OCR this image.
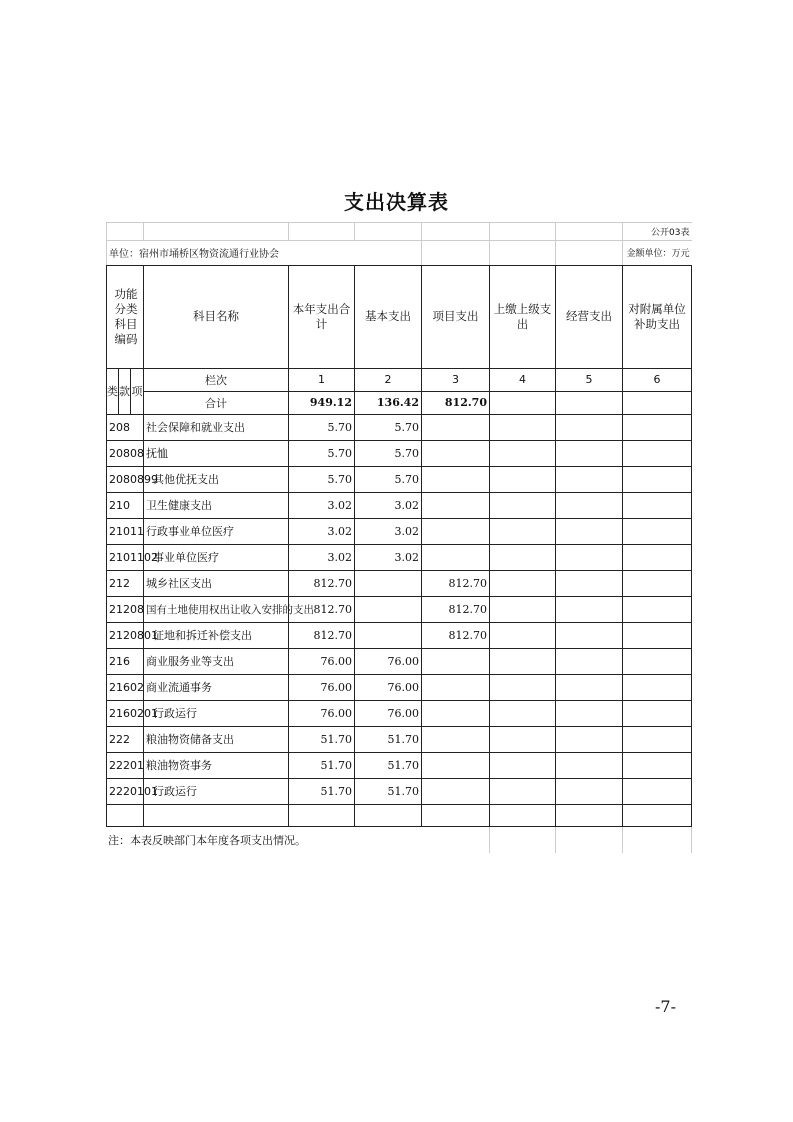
支出决算表
							公开03表
单位：宿州市埇桥区物资流通行业协会							金额单位：万元
功能分类科目编码			科目名称	本年支出合计	基本支出	项目支出	上缴上级支出	经营支出	对附属单位补助支出

类	款	项	栏次	1	2	3	4	5	6
			合计	949.12	136.42	812.70			
208			社会保障和就业支出	5.70	5.70				
20808			抚恤	5.70	5.70				
2080899			其他优抚支出	5.70	5.70				
210			卫生健康支出	3.02	3.02				
21011			行政事业单位医疗	3.02	3.02				
2101102			事业单位医疗	3.02	3.02				
212			城乡社区支出	812.70		812.70			
21208			国有土地使用权出让收入安排的支出	812.70		812.70			
2120801			征地和拆迁补偿支出	812.70		812.70			
216			商业服务业等支出	76.00	76.00				
21602			商业流通事务	76.00	76.00				
2160201			行政运行	76.00	76.00				
222			粮油物资储备支出	51.70	51.70				
22201			粮油物资事务	51.70	51.70				
2220101			行政运行	51.70	51.70				

注：本表反映部门本年度各项支出情况。			
-7-
